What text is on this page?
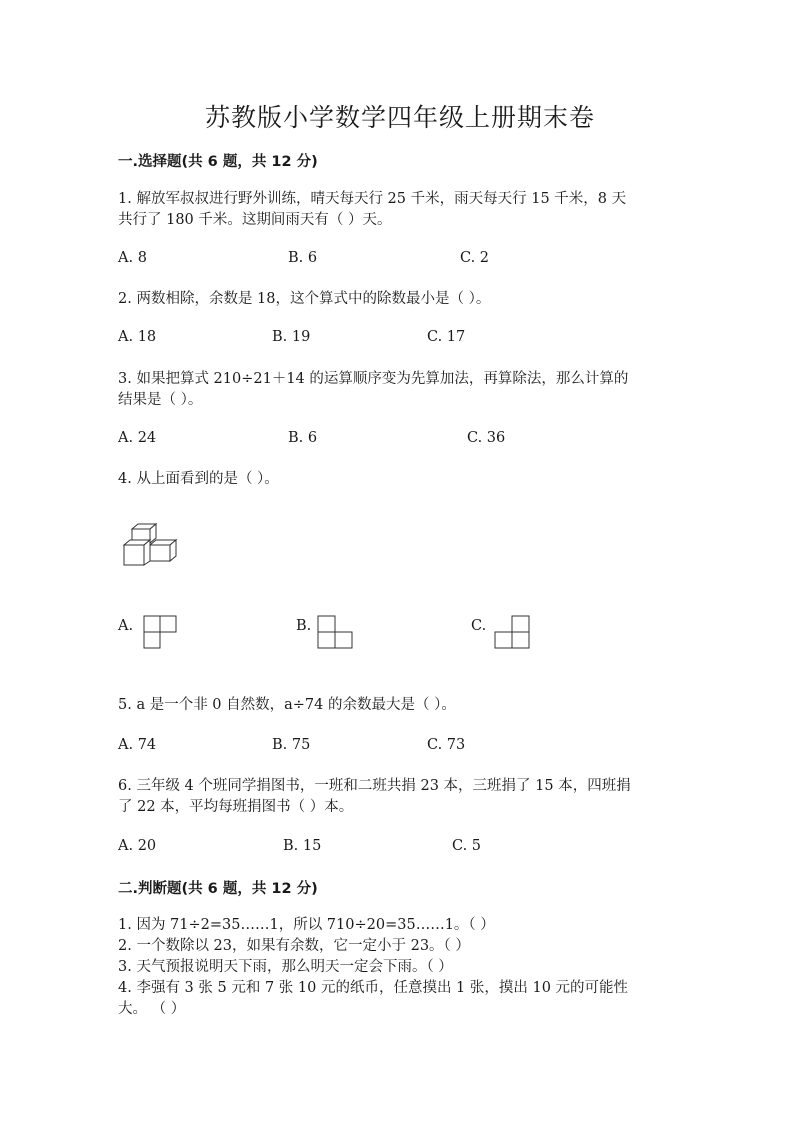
苏教版小学数学四年级上册期末卷
一.选择题(共 6 题，共 12 分)
1. 解放军叔叔进行野外训练，晴天每天行 25 千米，雨天每天行 15 千米，8 天
共行了 180 千米。这期间雨天有（ ）天。
A. 8	B. 6	C. 2
2. 两数相除，余数是 18，这个算式中的除数最小是（ ）。
A. 18	B. 19	C. 17
3. 如果把算式 210÷21＋14 的运算顺序变为先算加法，再算除法，那么计算的
结果是（ ）。
A. 24	B. 6	C. 36
4. 从上面看到的是（ ）。
A.	B.	C.
5. a 是一个非 0 自然数，a÷74 的余数最大是（ ）。
A. 74	B. 75	C. 73
6. 三年级 4 个班同学捐图书，一班和二班共捐 23 本，三班捐了 15 本，四班捐
了 22 本，平均每班捐图书（ ）本。
A. 20	B. 15	C. 5
二.判断题(共 6 题，共 12 分)
1. 因为 71÷2=35……1，所以 710÷20=35……1。（ ）
2. 一个数除以 23，如果有余数，它一定小于 23。（ ）
3. 天气预报说明天下雨，那么明天一定会下雨。（ ）
4. 李强有 3 张 5 元和 7 张 10 元的纸币，任意摸出 1 张，摸出 10 元的可能性
大。 （ ）
